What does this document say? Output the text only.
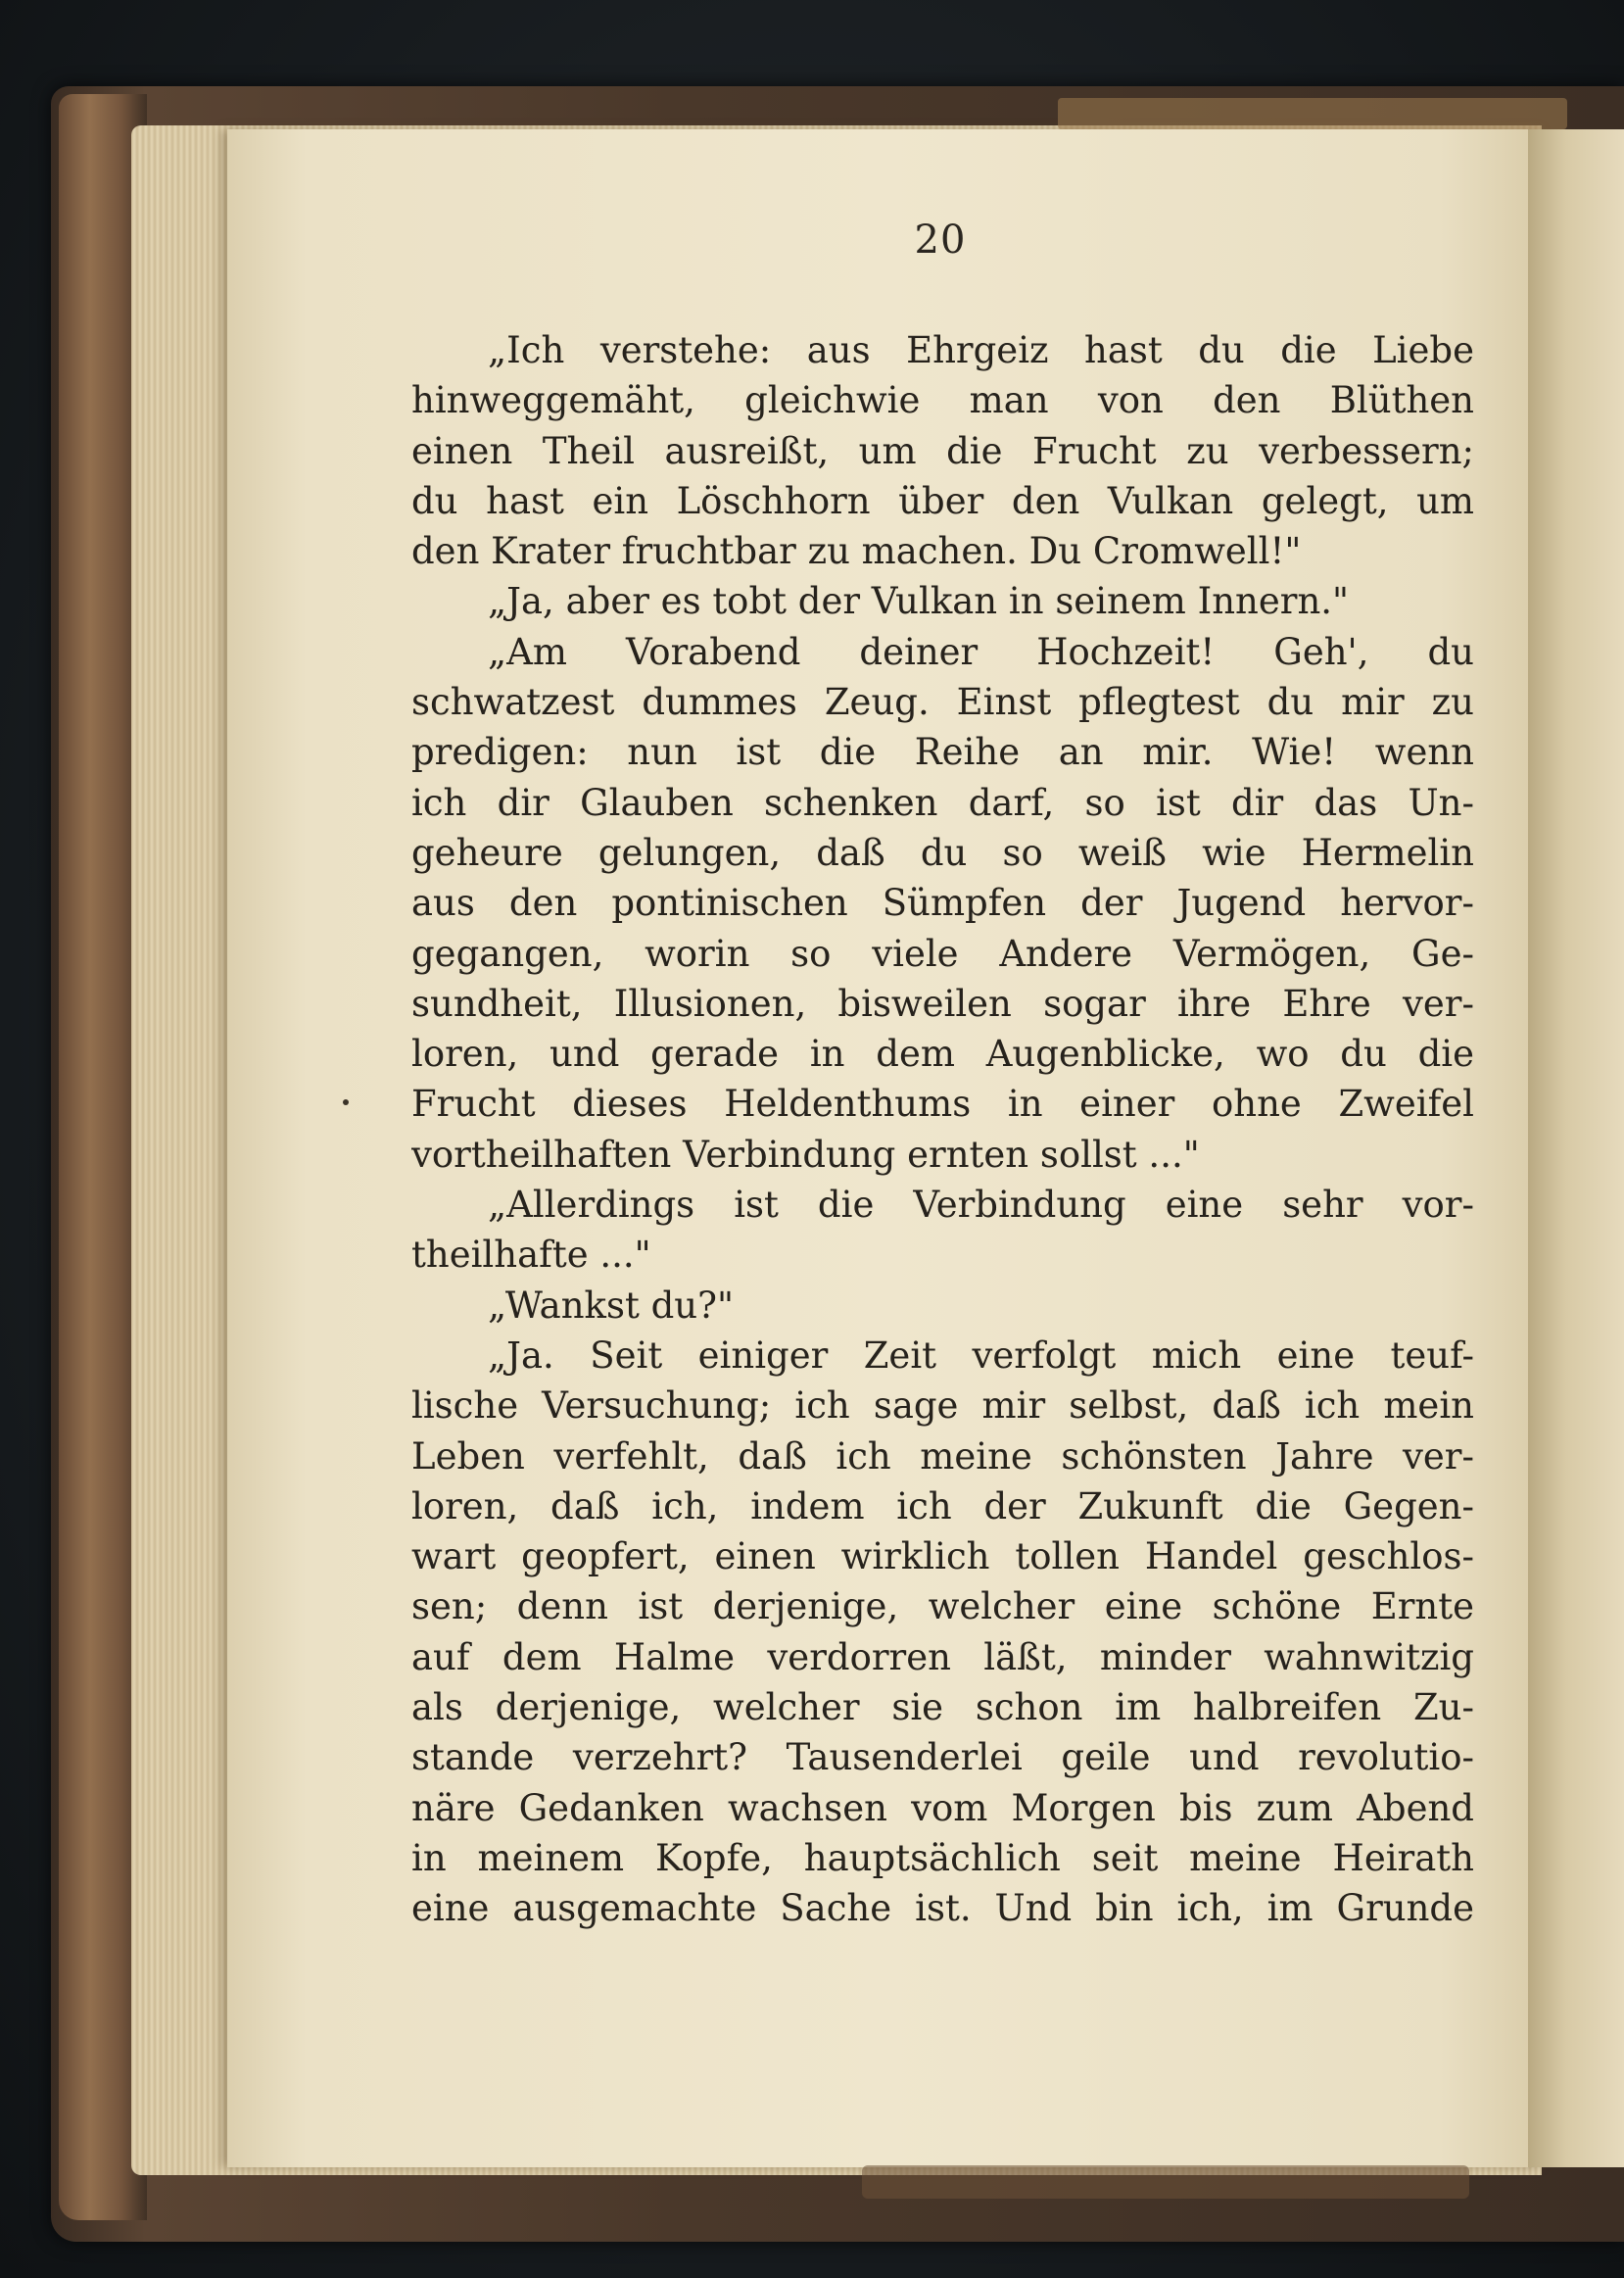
20
„Ich verstehe: aus Ehrgeiz hast du die Liebe
hinweggemäht, gleichwie man von den Blüthen
einen Theil ausreißt, um die Frucht zu verbessern;
du hast ein Löschhorn über den Vulkan gelegt, um
den Krater fruchtbar zu machen. Du Cromwell!"
„Ja, aber es tobt der Vulkan in seinem Innern."
„Am Vorabend deiner Hochzeit! Geh', du
schwatzest dummes Zeug. Einst pflegtest du mir zu
predigen: nun ist die Reihe an mir. Wie! wenn
ich dir Glauben schenken darf, so ist dir das Un-
geheure gelungen, daß du so weiß wie Hermelin
aus den pontinischen Sümpfen der Jugend hervor-
gegangen, worin so viele Andere Vermögen, Ge-
sundheit, Illusionen, bisweilen sogar ihre Ehre ver-
loren, und gerade in dem Augenblicke, wo du die
Frucht dieses Heldenthums in einer ohne Zweifel
vortheilhaften Verbindung ernten sollst ..."
„Allerdings ist die Verbindung eine sehr vor-
theilhafte ..."
„Wankst du?"
„Ja. Seit einiger Zeit verfolgt mich eine teuf-
lische Versuchung; ich sage mir selbst, daß ich mein
Leben verfehlt, daß ich meine schönsten Jahre ver-
loren, daß ich, indem ich der Zukunft die Gegen-
wart geopfert, einen wirklich tollen Handel geschlos-
sen; denn ist derjenige, welcher eine schöne Ernte
auf dem Halme verdorren läßt, minder wahnwitzig
als derjenige, welcher sie schon im halbreifen Zu-
stande verzehrt? Tausenderlei geile und revolutio-
näre Gedanken wachsen vom Morgen bis zum Abend
in meinem Kopfe, hauptsächlich seit meine Heirath
eine ausgemachte Sache ist. Und bin ich, im Grunde
